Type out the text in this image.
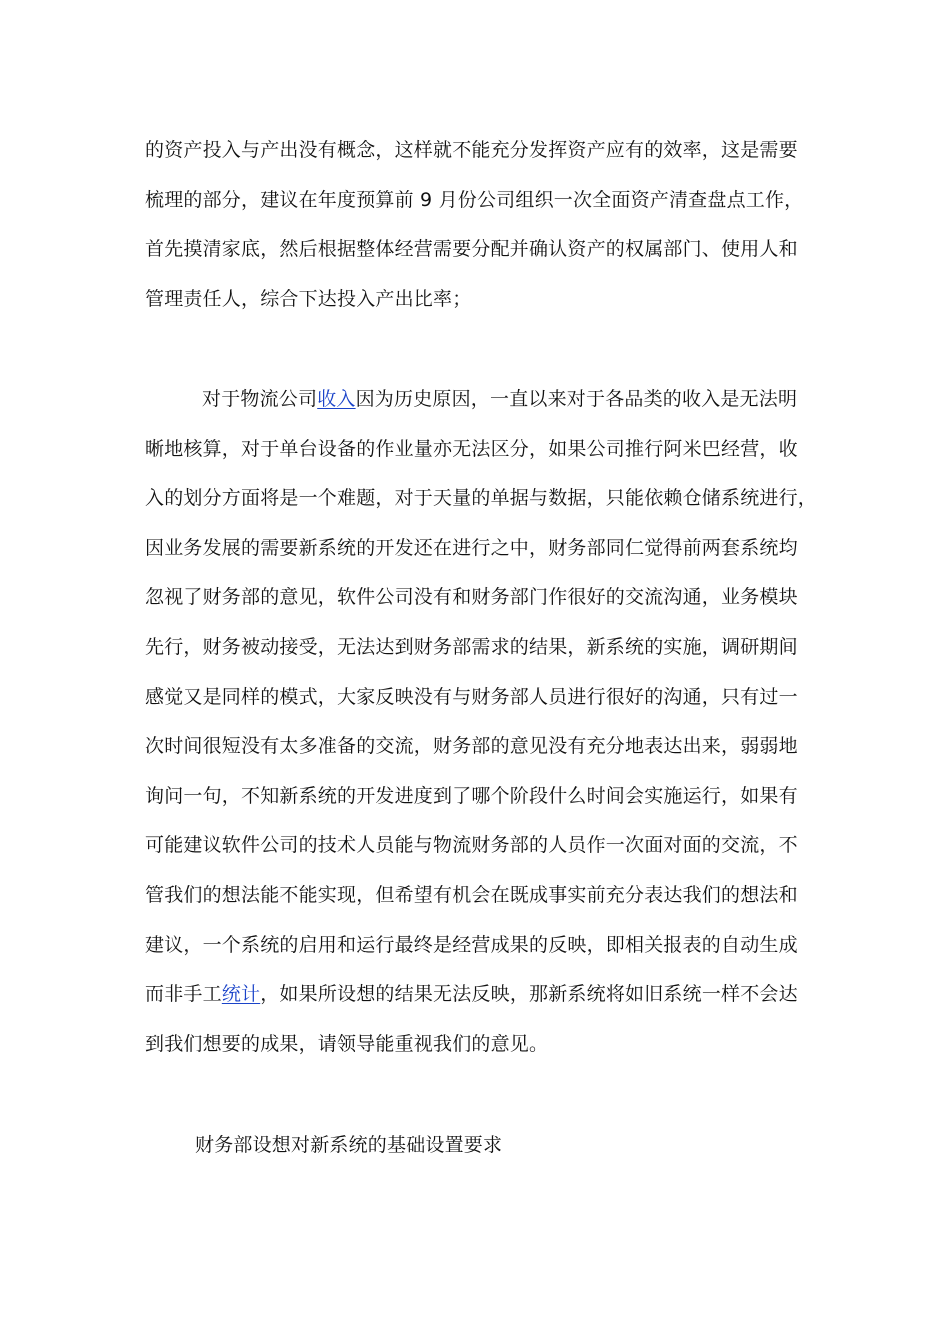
的资产投入与产出没有概念，这样就不能充分发挥资产应有的效率，这是需要
梳理的部分，建议在年度预算前 9 月份公司组织一次全面资产清查盘点工作，
首先摸清家底，然后根据整体经营需要分配并确认资产的权属部门、使用人和
管理责任人，综合下达投入产出比率；

对于物流公司收入因为历史原因，一直以来对于各品类的收入是无法明
晰地核算，对于单台设备的作业量亦无法区分，如果公司推行阿米巴经营，收
入的划分方面将是一个难题，对于天量的单据与数据，只能依赖仓储系统进行，
因业务发展的需要新系统的开发还在进行之中，财务部同仁觉得前两套系统均
忽视了财务部的意见，软件公司没有和财务部门作很好的交流沟通，业务模块
先行，财务被动接受，无法达到财务部需求的结果，新系统的实施，调研期间
感觉又是同样的模式，大家反映没有与财务部人员进行很好的沟通，只有过一
次时间很短没有太多准备的交流，财务部的意见没有充分地表达出来，弱弱地
询问一句，不知新系统的开发进度到了哪个阶段什么时间会实施运行，如果有
可能建议软件公司的技术人员能与物流财务部的人员作一次面对面的交流，不
管我们的想法能不能实现，但希望有机会在既成事实前充分表达我们的想法和
建议，一个系统的启用和运行最终是经营成果的反映，即相关报表的自动生成
而非手工统计，如果所设想的结果无法反映，那新系统将如旧系统一样不会达
到我们想要的成果，请领导能重视我们的意见。

财务部设想对新系统的基础设置要求
